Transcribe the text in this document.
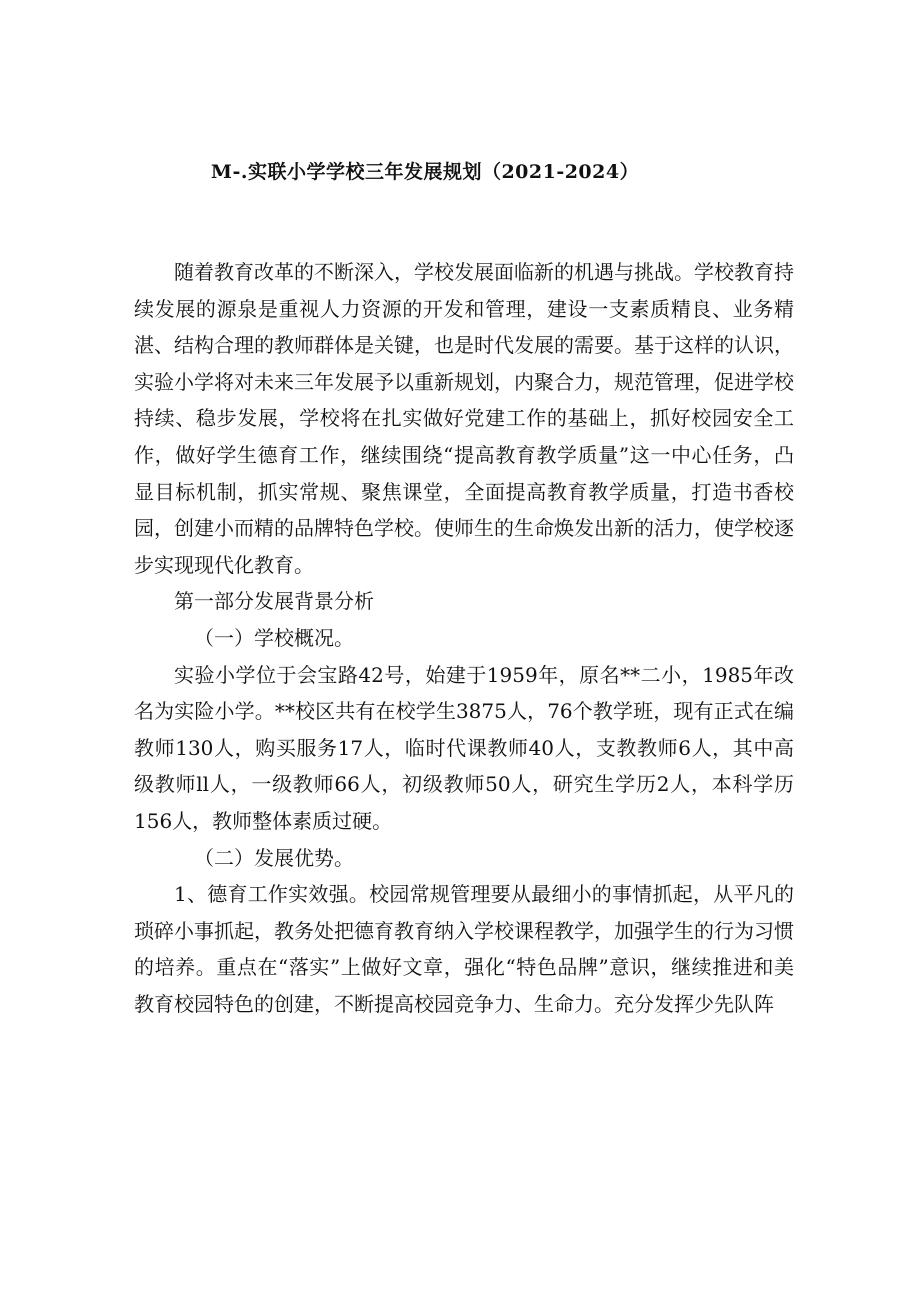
M-.实联小学学校三年发展规划（2021-2024）

随着教育改革的不断深入，学校发展面临新的机遇与挑战。学校教育持续发展的源泉是重视人力资源的开发和管理，建设一支素质精良、业务精湛、结构合理的教师群体是关键，也是时代发展的需要。基于这样的认识，实验小学将对未来三年发展予以重新规划，内聚合力，规范管理，促进学校持续、稳步发展，学校将在扎实做好党建工作的基础上，抓好校园安全工作，做好学生德育工作，继续围绕“提高教育教学质量”这一中心任务，凸显目标机制，抓实常规、聚焦课堂，全面提高教育教学质量，打造书香校园，创建小而精的品牌特色学校。使师生的生命焕发出新的活力，使学校逐步实现现代化教育。

第一部分发展背景分析

（一）学校概况。

实验小学位于会宝路42号，始建于1959年，原名**二小，1985年改名为实险小学。**校区共有在校学生3875人，76个教学班，现有正式在编教师130人，购买服务17人，临时代课教师40人，支教教师6人，其中高级教师ll人，一级教师66人，初级教师50人，研究生学历2人，本科学历156人，教师整体素质过硬。

（二）发展优势。

1、德育工作实效强。校园常规管理要从最细小的事情抓起，从平凡的琐碎小事抓起，教务处把德育教育纳入学校课程教学，加强学生的行为习惯的培养。重点在“落实”上做好文章，强化“特色品牌”意识，继续推进和美教育校园特色的创建，不断提高校园竞争力、生命力。充分发挥少先队阵
